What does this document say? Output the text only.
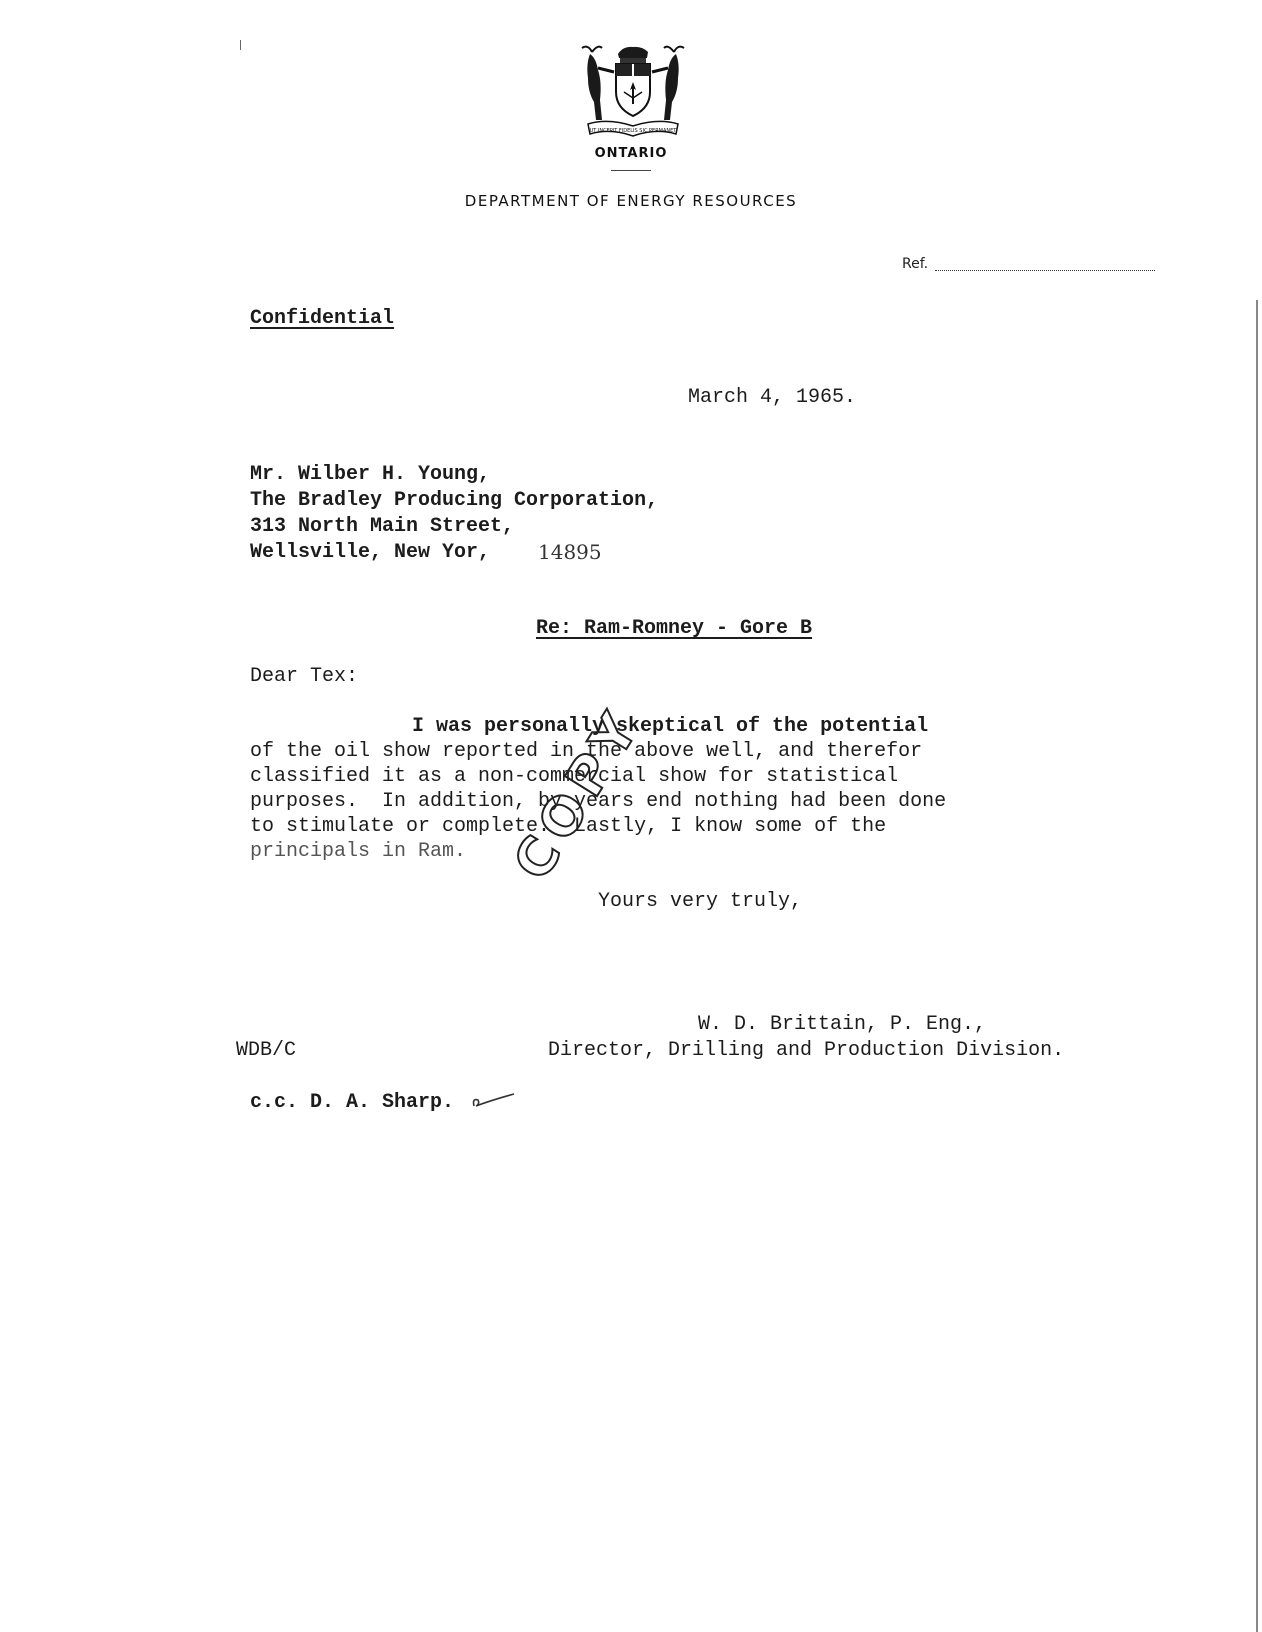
UT INCEPIT FIDELIS SIC PERMANET
ONTARIO
DEPARTMENT OF ENERGY RESOURCES
Ref.
Confidential
March 4, 1965.
Mr. Wilber H. Young,
The Bradley Producing Corporation,
313 North Main Street,
Wellsville, New Yor, 14895
Re: Ram-Romney - Gore B
Dear Tex:
I was personally skeptical of the potential
of the oil show reported in the above well, and therefor
classified it as a non-commercial show for statistical
purposes.  In addition, by years end nothing had been done
to stimulate or complete.  Lastly, I know some of the
principals in Ram.
Yours very truly,
W. D. Brittain, P. Eng.,
WDB/C	Director, Drilling and Production Division.
c.c. D. A. Sharp.
COPY
